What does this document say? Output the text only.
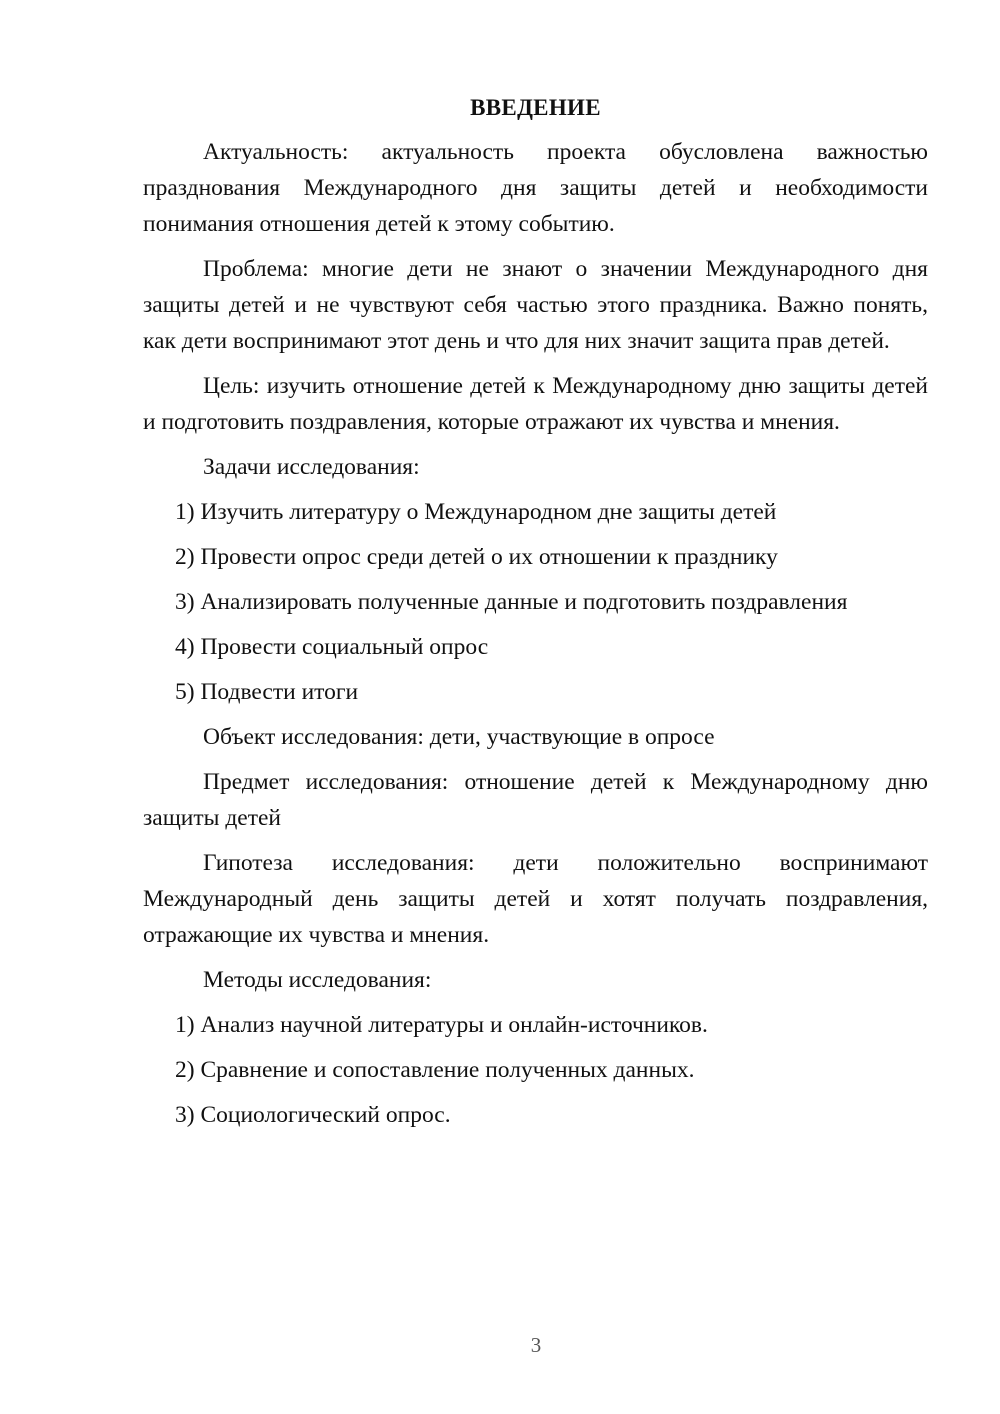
ВВЕДЕНИЕ

Актуальность: актуальность проекта обусловлена важностью празднования Международного дня защиты детей и необходимости понимания отношения детей к этому событию.

Проблема: многие дети не знают о значении Международного дня защиты детей и не чувствуют себя частью этого праздника. Важно понять, как дети воспринимают этот день и что для них значит защита прав детей.

Цель: изучить отношение детей к Международному дню защиты детей и подготовить поздравления, которые отражают их чувства и мнения.

Задачи исследования:
1) Изучить литературу о Международном дне защиты детей
2) Провести опрос среди детей о их отношении к празднику
3) Анализировать полученные данные и подготовить поздравления
4) Провести социальный опрос
5) Подвести итоги

Объект исследования: дети, участвующие в опросе

Предмет исследования: отношение детей к Международному дню защиты детей

Гипотеза исследования: дети положительно воспринимают Международный день защиты детей и хотят получать поздравления, отражающие их чувства и мнения.

Методы исследования:
1) Анализ научной литературы и онлайн-источников.
2) Сравнение и сопоставление полученных данных.
3) Социологический опрос.
3
